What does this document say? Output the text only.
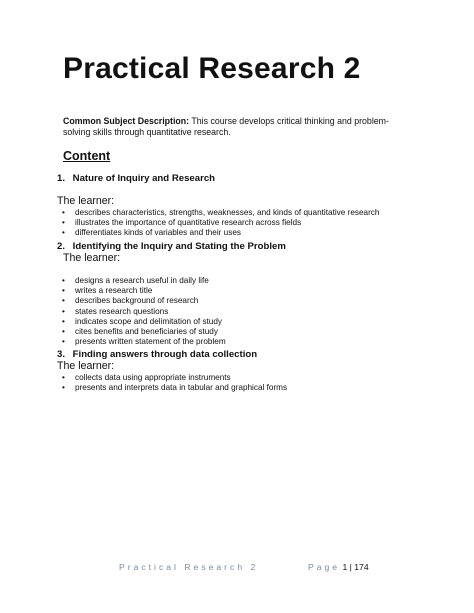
Practical Research 2

Common Subject Description: This course develops critical thinking and problem-solving skills through quantitative research.

Content

1. Nature of Inquiry and Research

The learner:

• describes characteristics, strengths, weaknesses, and kinds of quantitative research
• illustrates the importance of quantitative research across fields
• differentiates kinds of variables and their uses

2. Identifying the Inquiry and Stating the Problem

The learner:

• designs a research useful in daily life
• writes a research title
• describes background of research
• states research questions
• indicates scope and delimitation of study
• cites benefits and beneficiaries of study
• presents written statement of the problem

3. Finding answers through data collection

The learner:

• collects data using appropriate instruments
• presents and interprets data in tabular and graphical forms

Practical Research 2	Page 1 | 174
